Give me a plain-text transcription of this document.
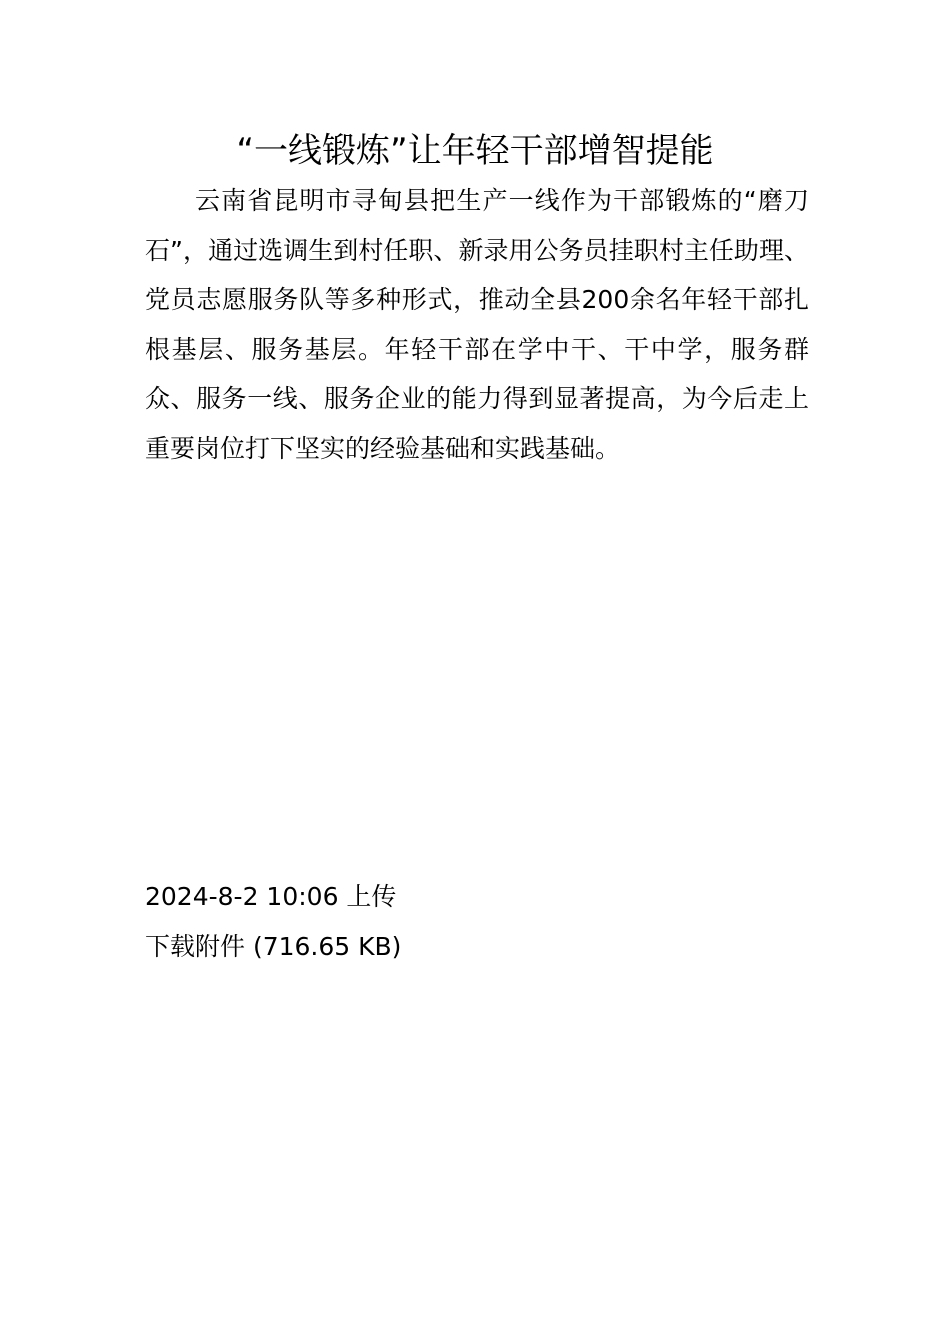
“一线锻炼”让年轻干部增智提能

云南省昆明市寻甸县把生产一线作为干部锻炼的“磨刀石”，通过选调生到村任职、新录用公务员挂职村主任助理、党员志愿服务队等多种形式，推动全县200余名年轻干部扎根基层、服务基层。年轻干部在学中干、干中学，服务群众、服务一线、服务企业的能力得到显著提高，为今后走上重要岗位打下坚实的经验基础和实践基础。

2024-8-2 10:06 上传
下载附件 (716.65 KB)
